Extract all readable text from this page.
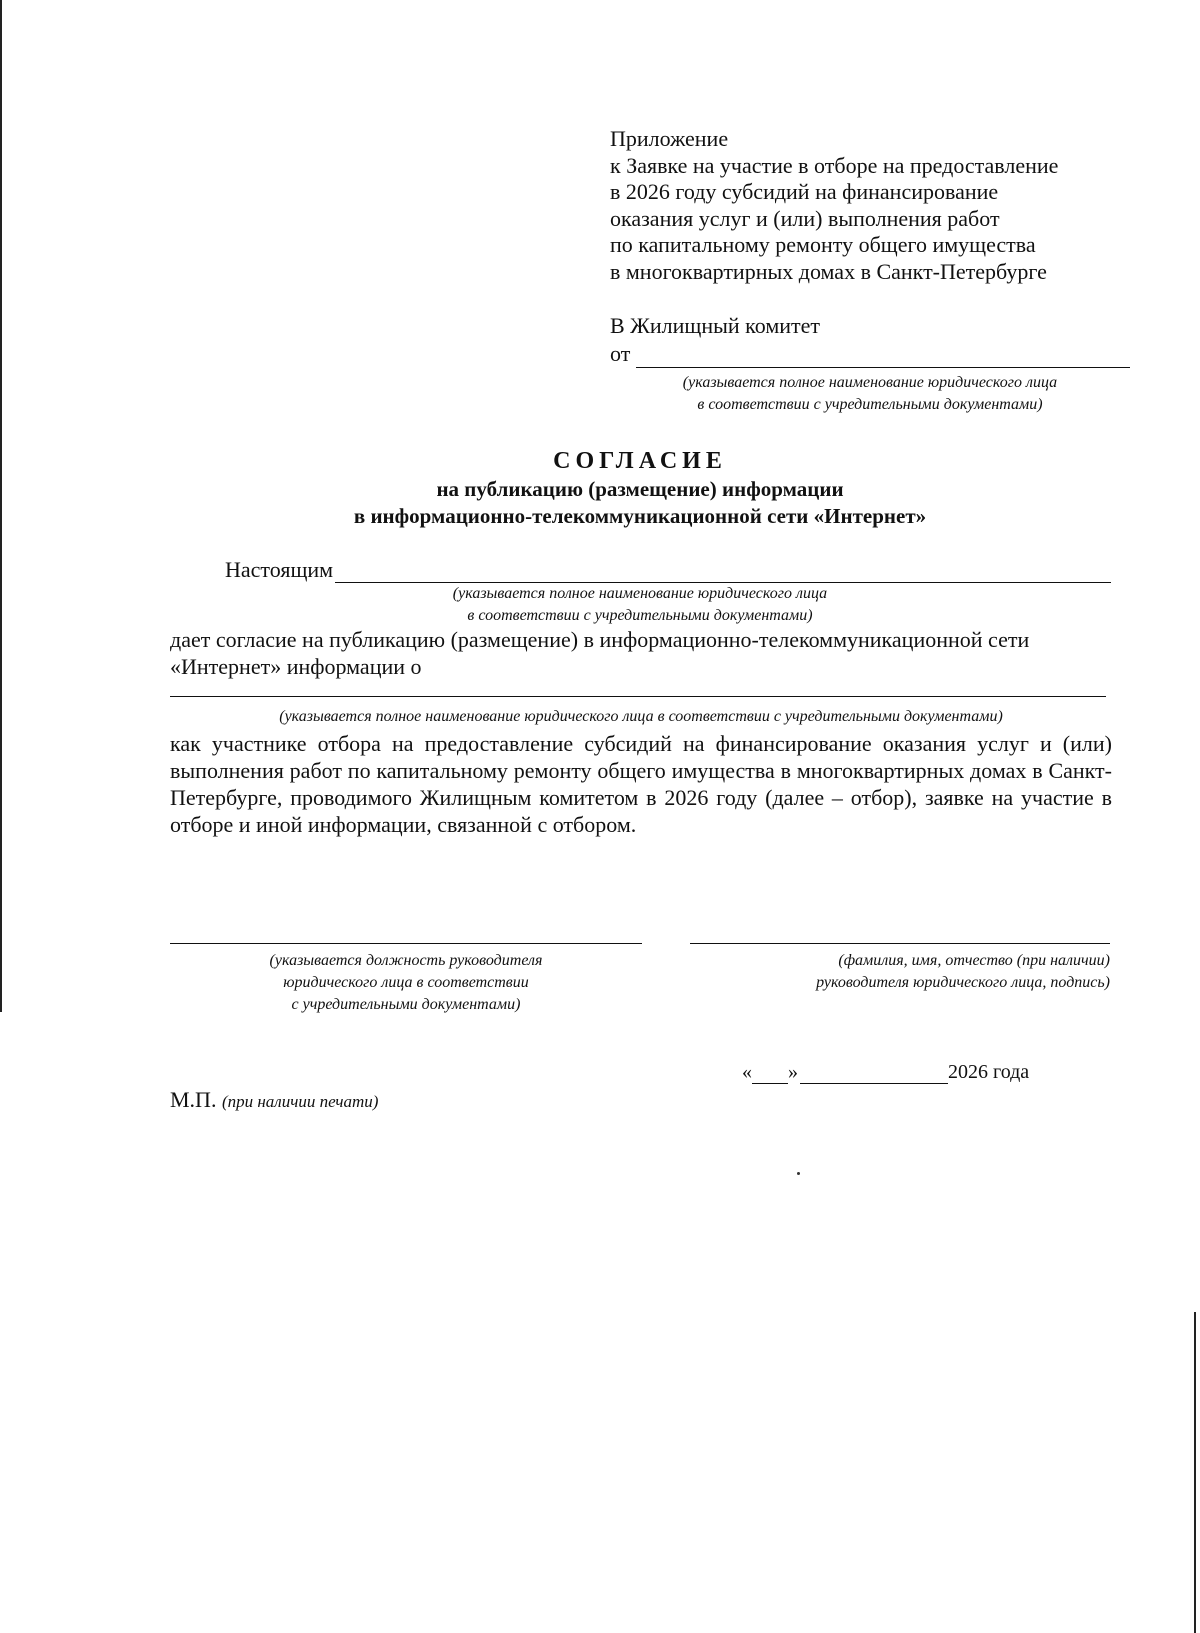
Приложение
к Заявке на участие в отборе на предоставление
в 2026 году субсидий на финансирование
оказания услуг и (или) выполнения работ
по капитальному ремонту общего имущества
в многоквартирных домах в Санкт-Петербурге
В Жилищный комитет
от
(указывается полное наименование юридического лица
в соответствии с учредительными документами)
СОГЛАСИЕ
на публикацию (размещение) информации
в информационно-телекоммуникационной сети «Интернет»
Настоящим
(указывается полное наименование юридического лица
в соответствии с учредительными документами)
дает согласие на публикацию (размещение) в информационно-телекоммуникационной сети
«Интернет» информации о
(указывается полное наименование юридического лица в соответствии с учредительными документами)
как участнике отбора на предоставление субсидий на финансирование оказания услуг и (или) выполнения работ по капитальному ремонту общего имущества в многоквартирных домах в Санкт-Петербурге, проводимого Жилищным комитетом в 2026 году (далее – отбор), заявке на участие в отборе и иной информации, связанной с отбором.
(указывается должность руководителя
юридического лица в соответствии
с учредительными документами)
(фамилия, имя, отчество (при наличии)
руководителя юридического лица, подпись)
« »	2026 года
М.П. (при наличии печати)
